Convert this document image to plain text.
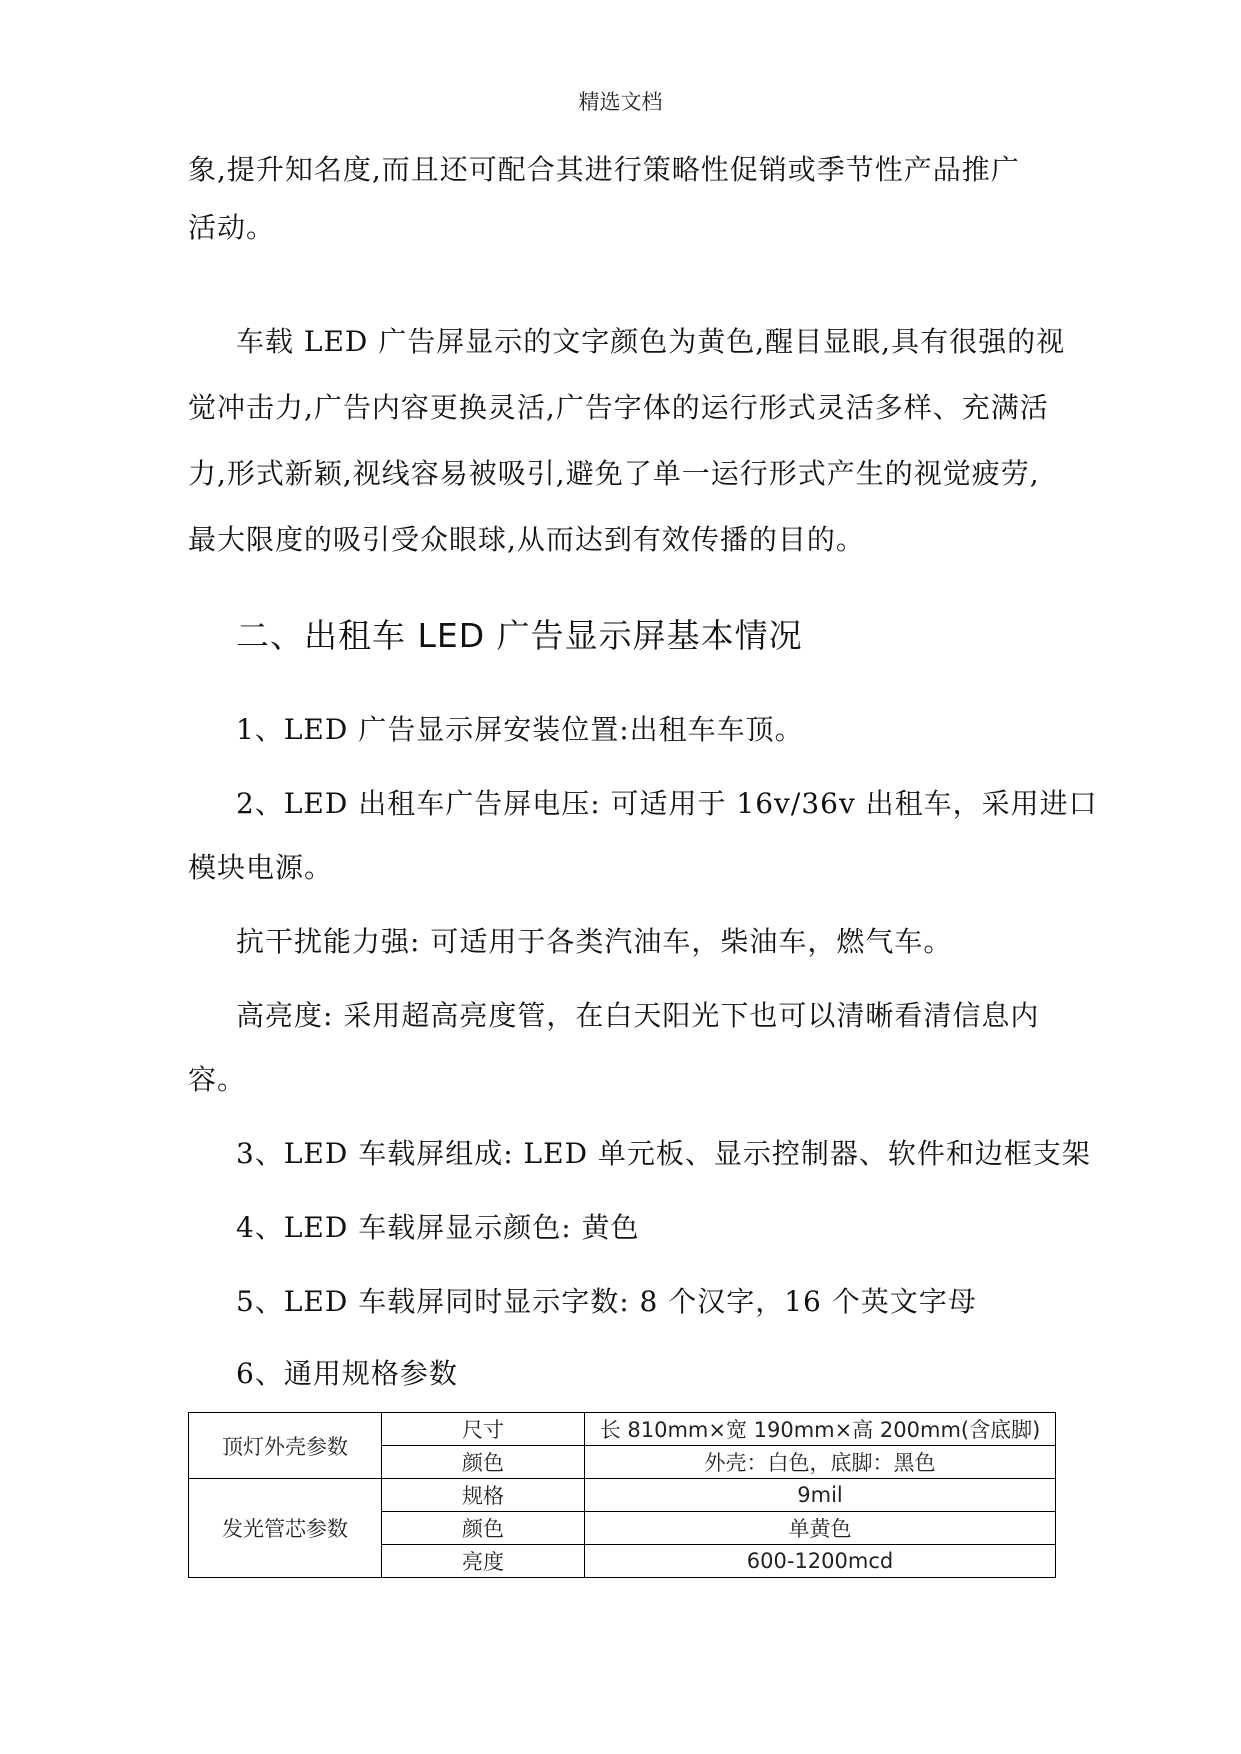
精选文档
象,提升知名度,而且还可配合其进行策略性促销或季节性产品推广
活动。
车载 LED 广告屏显示的文字颜色为黄色,醒目显眼,具有很强的视
觉冲击力,广告内容更换灵活,广告字体的运行形式灵活多样、充满活
力,形式新颖,视线容易被吸引,避免了单一运行形式产生的视觉疲劳,
最大限度的吸引受众眼球,从而达到有效传播的目的。
二、出租车 LED 广告显示屏基本情况
1、LED 广告显示屏安装位置:出租车车顶。
2、LED 出租车广告屏电压: 可适用于 16v/36v 出租车，采用进口
模块电源。
抗干扰能力强: 可适用于各类汽油车，柴油车，燃气车。
高亮度: 采用超高亮度管，在白天阳光下也可以清晰看清信息内
容。
3、LED 车载屏组成: LED 单元板、显示控制器、软件和边框支架
4、LED 车载屏显示颜色: 黄色
5、LED 车载屏同时显示字数: 8 个汉字，16 个英文字母
6、通用规格参数
顶灯外壳参数	尺寸	长 810mm×宽 190mm×高 200mm(含底脚)
	颜色	外壳：白色，底脚：黑色
发光管芯参数	规格	9mil
	颜色	单黄色
	亮度	600-1200mcd
